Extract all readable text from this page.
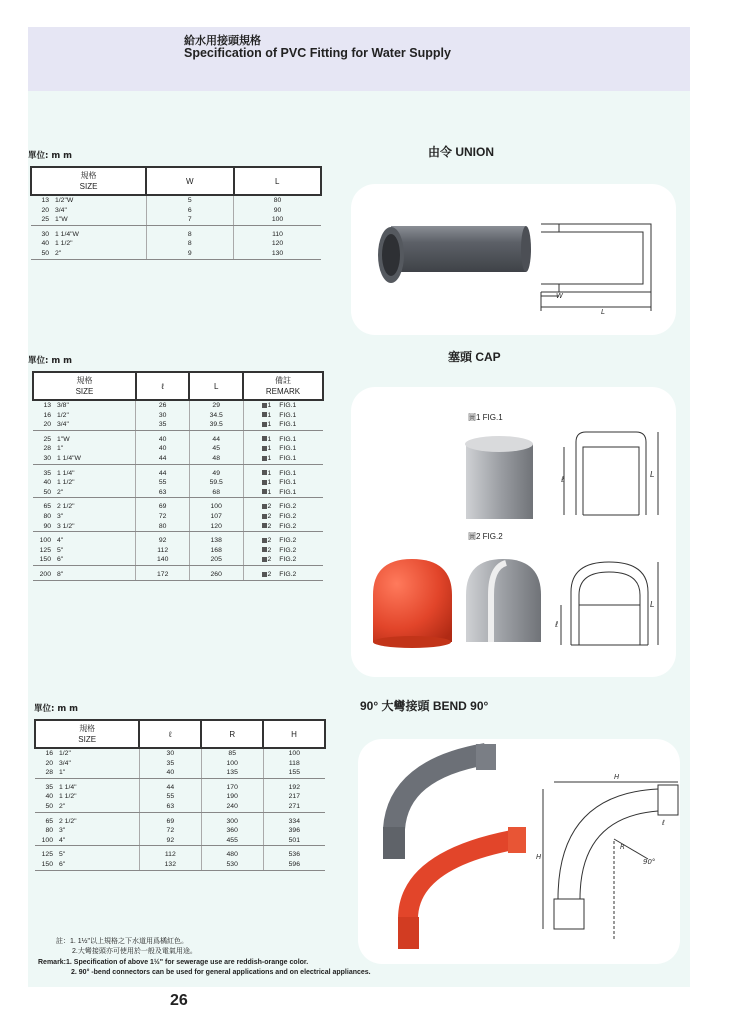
給水用接頭規格
Specification of PVC Fitting for Water Supply
單位: m m	由令 UNION
規格
SIZE	W	L
13 1/2"W	5	80
20 3/4"	6	90
25 1"W	7	100
30 1 1/4"W	8	110
40 1 1/2"	8	120
50 2"	9	130
W
L
單位: m m	塞頭 CAP
規格
SIZE	ℓ	L	備註
REMARK
13 3/8"	26	29	1 FIG.1
16 1/2"	30	34.5	1 FIG.1
20 3/4"	35	39.5	1 FIG.1
25 1"W	40	44	1 FIG.1
28 1"	40	45	1 FIG.1
30 1 1/4"W	44	48	1 FIG.1
35 1 1/4"	44	49	1 FIG.1
40 1 1/2"	55	59.5	1 FIG.1
50 2"	63	68	1 FIG.1
65 2 1/2"	69	100	2 FIG.2
80 3"	72	107	2 FIG.2
90 3 1/2"	80	120	2 FIG.2
100 4"	92	138	2 FIG.2
125 5"	112	168	2 FIG.2
150 6"	140	205	2 FIG.2
200 8"	172	260	2 FIG.2
圖1 FIG.1
圖2 FIG.2
ℓ
L
ℓ
L
單位: m m	90° 大彎接頭 BEND 90°
規格
SIZE	ℓ	R	H
16 1/2"	30	85	100
20 3/4"	35	100	118
28 1"	40	135	155
35 1 1/4"	44	170	192
40 1 1/2"	55	190	217
50 2"	63	240	271
65 2 1/2"	69	300	334
80 3"	72	360	396
100 4"	92	455	501
125 5"	112	480	536
150 6"	132	530	596
H
H
R
90°
ℓ
註：1. 1½"以上規格之下水道用爲橘紅色。
2.大彎接頭亦可使用於一般及電氣用途。
Remark:1. Specification of above 1½" for sewerage use are reddish-orange color.
2. 90° -bend connectors can be used for general applications and on electrical appliances.
26
